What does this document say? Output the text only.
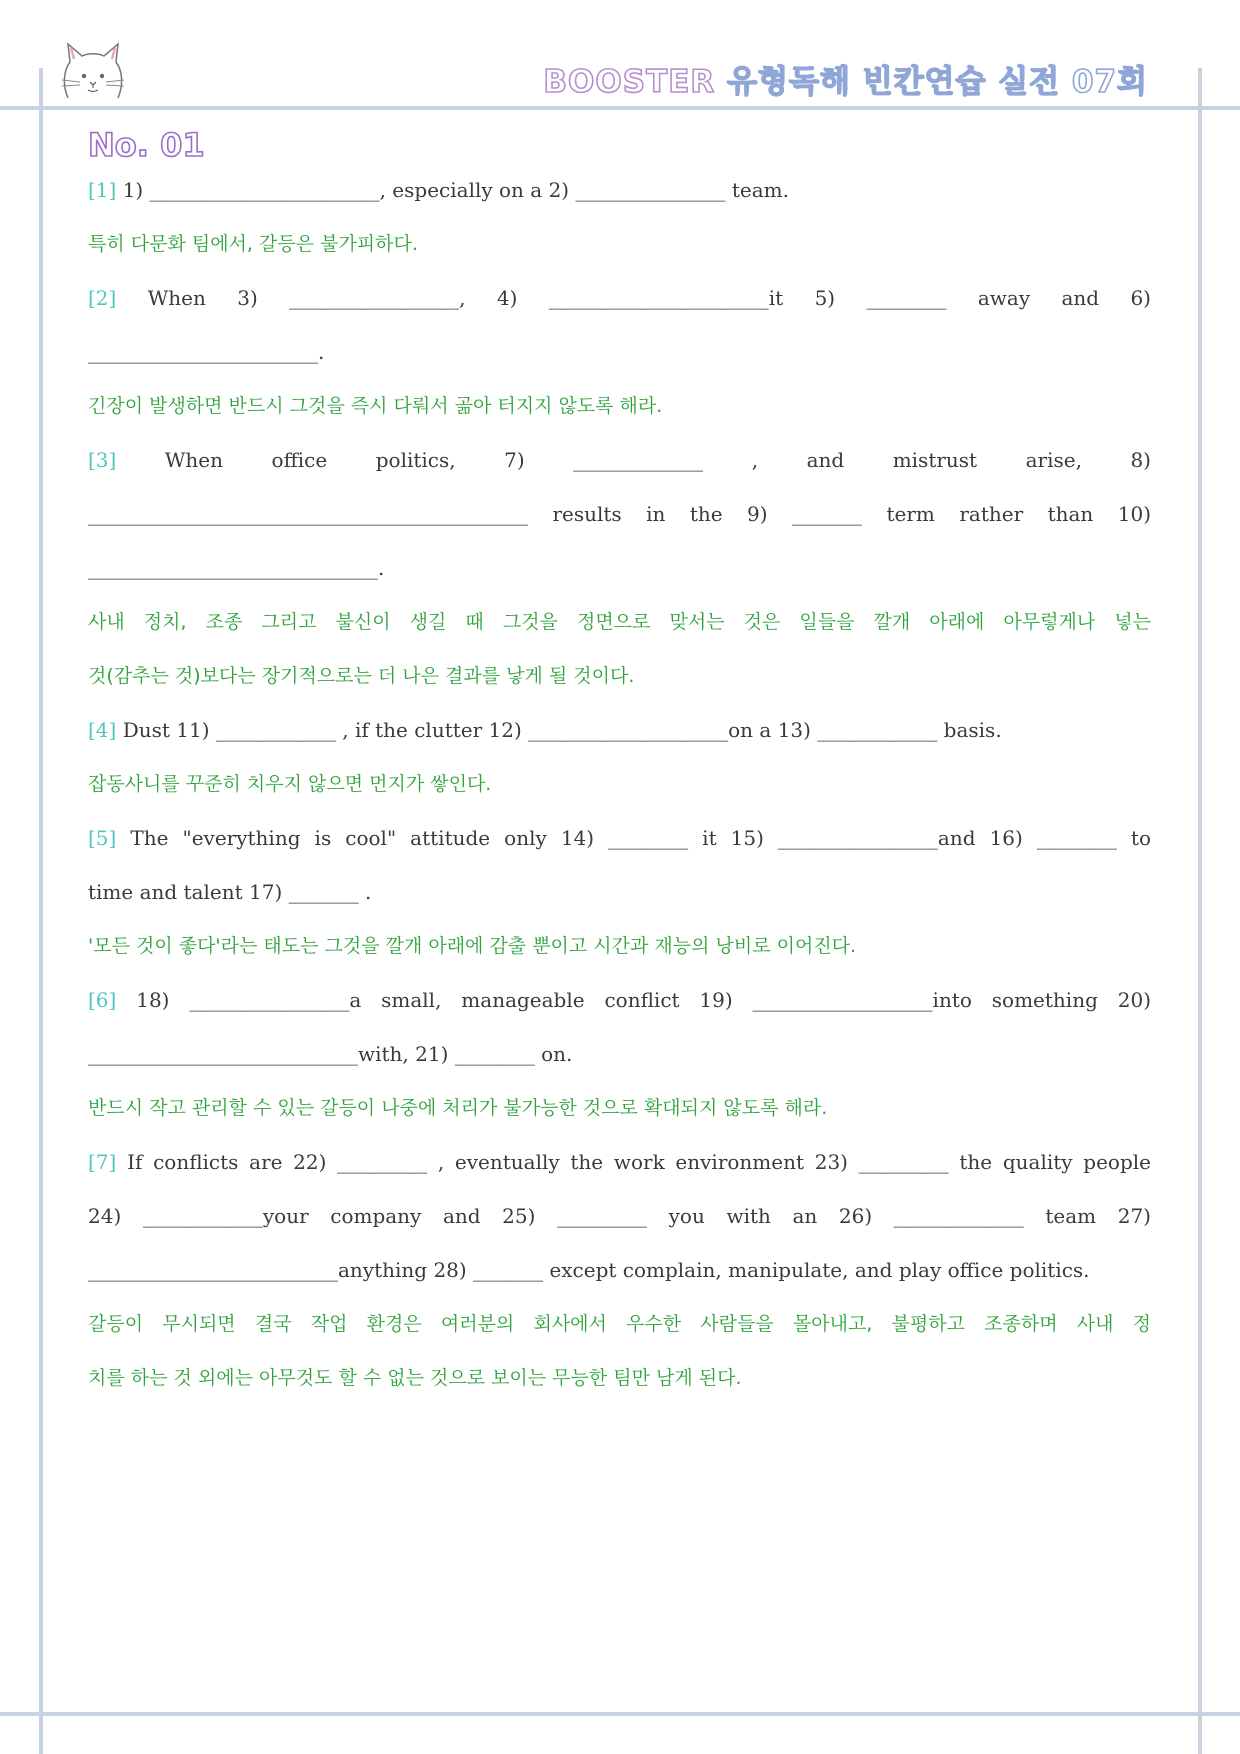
BOOSTER 유형독해 빈칸연습 실전 07회
No. 01
[1] 1) _______________________, especially on a 2) _______________ team.
특히 다문화 팀에서, 갈등은 불가피하다.
[2] When 3) _________________, 4) ______________________it 5) ________ away and 6)
_______________________.
긴장이 발생하면 반드시 그것을 즉시 다뤄서 곪아 터지지 않도록 해라.
[3] When office politics, 7) _____________ , and mistrust arise, 8)
____________________________________________ results in the 9) _______ term rather than 10)
_____________________________.
사내 정치, 조종 그리고 불신이 생길 때 그것을 정면으로 맞서는 것은 일들을 깔개 아래에 아무렇게나 넣는
것(감추는 것)보다는 장기적으로는 더 나은 결과를 낳게 될 것이다.
[4] Dust 11) ____________ , if the clutter 12) ____________________on a 13) ____________ basis.
잡동사니를 꾸준히 치우지 않으면 먼지가 쌓인다.
[5] The "everything is cool" attitude only 14) ________ it 15) ________________and 16) ________ to
time and talent 17) _______ .
'모든 것이 좋다'라는 태도는 그것을 깔개 아래에 감출 뿐이고 시간과 재능의 낭비로 이어진다.
[6] 18) ________________a small, manageable conflict 19) __________________into something 20)
___________________________with, 21) ________ on.
반드시 작고 관리할 수 있는 갈등이 나중에 처리가 불가능한 것으로 확대되지 않도록 해라.
[7] If conflicts are 22) _________ , eventually the work environment 23) _________ the quality people
24) ____________your company and 25) _________ you with an 26) _____________ team 27)
_________________________anything 28) _______ except complain, manipulate, and play office politics.
갈등이 무시되면 결국 작업 환경은 여러분의 회사에서 우수한 사람들을 몰아내고, 불평하고 조종하며 사내 정
치를 하는 것 외에는 아무것도 할 수 없는 것으로 보이는 무능한 팀만 남게 된다.
